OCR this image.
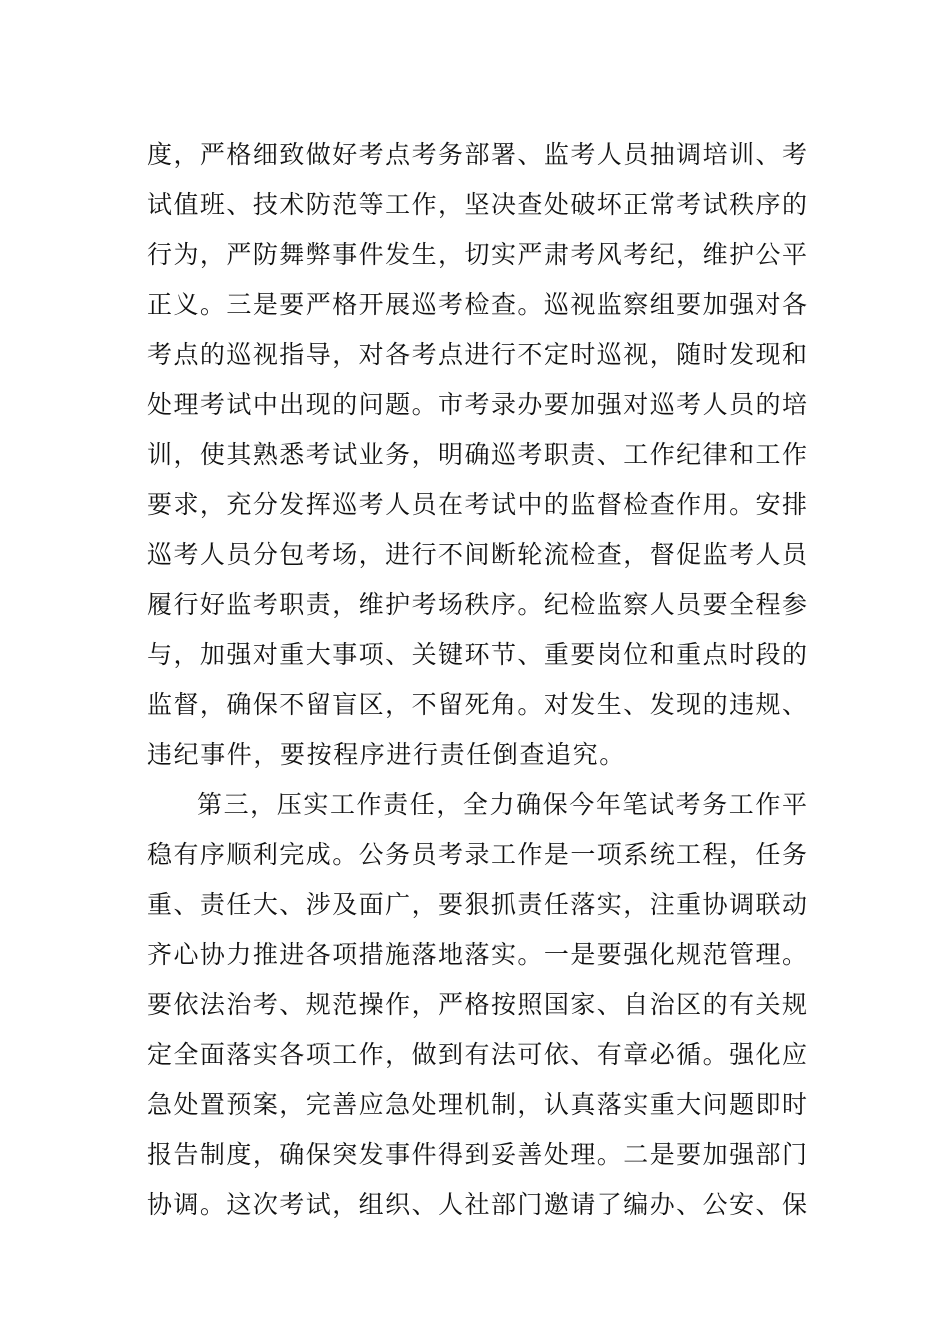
度，严格细致做好考点考务部署、监考人员抽调培训、考
试值班、技术防范等工作，坚决查处破坏正常考试秩序的
行为，严防舞弊事件发生，切实严肃考风考纪，维护公平
正义。三是要严格开展巡考检查。巡视监察组要加强对各
考点的巡视指导，对各考点进行不定时巡视，随时发现和
处理考试中出现的问题。市考录办要加强对巡考人员的培
训，使其熟悉考试业务，明确巡考职责、工作纪律和工作
要求，充分发挥巡考人员在考试中的监督检查作用。安排
巡考人员分包考场，进行不间断轮流检查，督促监考人员
履行好监考职责，维护考场秩序。纪检监察人员要全程参
与，加强对重大事项、关键环节、重要岗位和重点时段的
监督，确保不留盲区，不留死角。对发生、发现的违规、
违纪事件，要按程序进行责任倒查追究。
第三，压实工作责任，全力确保今年笔试考务工作平
稳有序顺利完成。公务员考录工作是一项系统工程，任务
重、责任大、涉及面广，要狠抓责任落实，注重协调联动
齐心协力推进各项措施落地落实。一是要强化规范管理。
要依法治考、规范操作，严格按照国家、自治区的有关规
定全面落实各项工作，做到有法可依、有章必循。强化应
急处置预案，完善应急处理机制，认真落实重大问题即时
报告制度，确保突发事件得到妥善处理。二是要加强部门
协调。这次考试，组织、人社部门邀请了编办、公安、保
